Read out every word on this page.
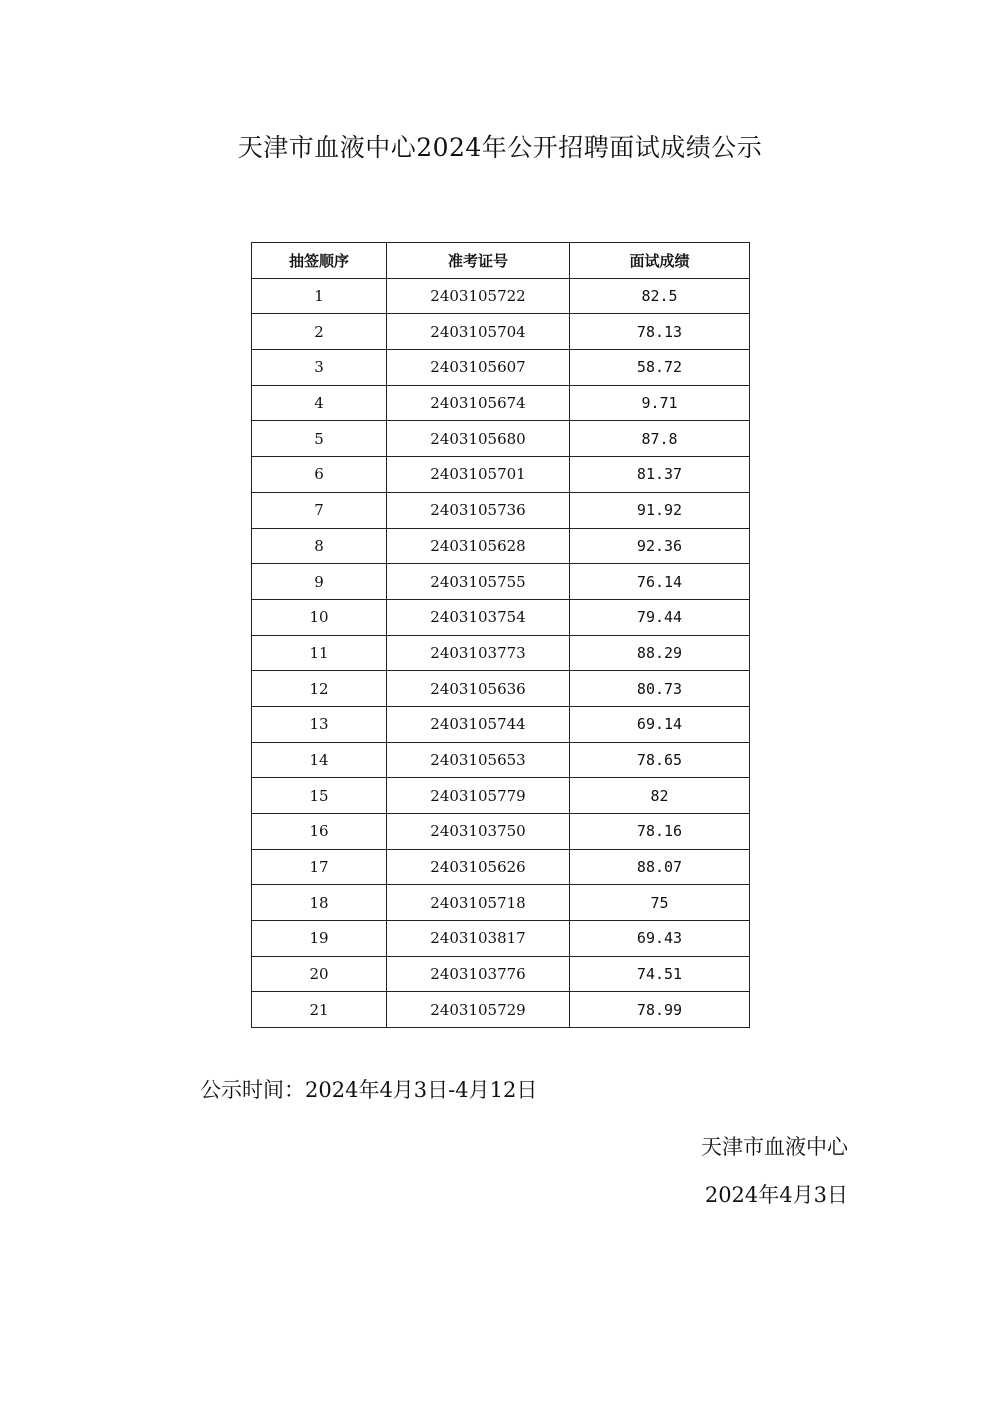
天津市血液中心2024年公开招聘面试成绩公示
抽签顺序	准考证号	面试成绩
1	2403105722	82.5
2	2403105704	78.13
3	2403105607	58.72
4	2403105674	9.71
5	2403105680	87.8
6	2403105701	81.37
7	2403105736	91.92
8	2403105628	92.36
9	2403105755	76.14
10	2403103754	79.44
11	2403103773	88.29
12	2403105636	80.73
13	2403105744	69.14
14	2403105653	78.65
15	2403105779	82
16	2403103750	78.16
17	2403105626	88.07
18	2403105718	75
19	2403103817	69.43
20	2403103776	74.51
21	2403105729	78.99
公示时间：2024年4月3日-4月12日
天津市血液中心
2024年4月3日
